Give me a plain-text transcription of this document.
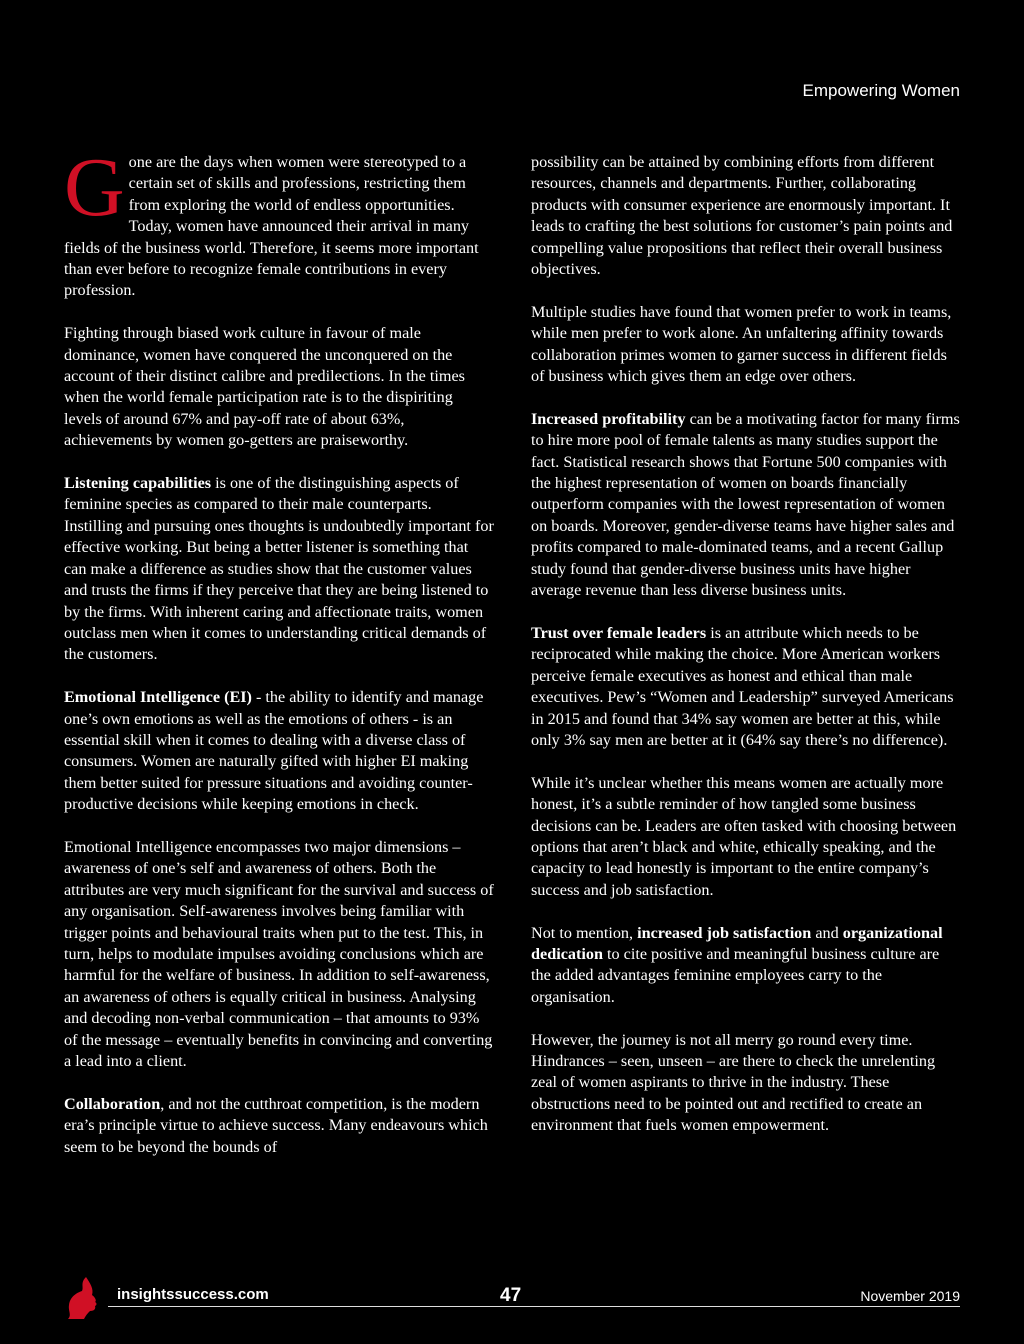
Empowering Women

Gone are the days when women were stereotyped to a certain set of skills and professions, restricting them from exploring the world of endless opportunities. Today, women have announced their arrival in many fields of the business world. Therefore, it seems more important than ever before to recognize female contributions in every profession.

Fighting through biased work culture in favour of male dominance, women have conquered the unconquered on the account of their distinct calibre and predilections. In the times when the world female participation rate is to the dispiriting levels of around 67% and pay-off rate of about 63%, achievements by women go-getters are praiseworthy.

Listening capabilities is one of the distinguishing aspects of feminine species as compared to their male counterparts. Instilling and pursuing ones thoughts is undoubtedly important for effective working. But being a better listener is something that can make a difference as studies show that the customer values and trusts the firms if they perceive that they are being listened to by the firms. With inherent caring and affectionate traits, women outclass men when it comes to understanding critical demands of the customers.

Emotional Intelligence (EI) - the ability to identify and manage one’s own emotions as well as the emotions of others - is an essential skill when it comes to dealing with a diverse class of consumers. Women are naturally gifted with higher EI making them better suited for pressure situations and avoiding counter-productive decisions while keeping emotions in check.

Emotional Intelligence encompasses two major dimensions – awareness of one’s self and awareness of others. Both the attributes are very much significant for the survival and success of any organisation. Self-awareness involves being familiar with trigger points and behavioural traits when put to the test. This, in turn, helps to modulate impulses avoiding conclusions which are harmful for the welfare of business. In addition to self-awareness, an awareness of others is equally critical in business. Analysing and decoding non-verbal communication – that amounts to 93% of the message – eventually benefits in convincing and converting a lead into a client.

Collaboration, and not the cutthroat competition, is the modern era’s principle virtue to achieve success. Many endeavours which seem to be beyond the bounds of

possibility can be attained by combining efforts from different resources, channels and departments. Further, collaborating products with consumer experience are enormously important. It leads to crafting the best solutions for customer’s pain points and compelling value propositions that reflect their overall business objectives.

Multiple studies have found that women prefer to work in teams, while men prefer to work alone. An unfaltering affinity towards collaboration primes women to garner success in different fields of business which gives them an edge over others.

Increased profitability can be a motivating factor for many firms to hire more pool of female talents as many studies support the fact. Statistical research shows that Fortune 500 companies with the highest representation of women on boards financially outperform companies with the lowest representation of women on boards. Moreover, gender-diverse teams have higher sales and profits compared to male-dominated teams, and a recent Gallup study found that gender-diverse business units have higher average revenue than less diverse business units.

Trust over female leaders is an attribute which needs to be reciprocated while making the choice. More American workers perceive female executives as honest and ethical than male executives. Pew’s “Women and Leadership” surveyed Americans in 2015 and found that 34% say women are better at this, while only 3% say men are better at it (64% say there’s no difference).

While it’s unclear whether this means women are actually more honest, it’s a subtle reminder of how tangled some business decisions can be. Leaders are often tasked with choosing between options that aren’t black and white, ethically speaking, and the capacity to lead honestly is important to the entire company’s success and job satisfaction.

Not to mention, increased job satisfaction and organizational dedication to cite positive and meaningful business culture are the added advantages feminine employees carry to the organisation.

However, the journey is not all merry go round every time. Hindrances – seen, unseen – are there to check the unrelenting zeal of women aspirants to thrive in the industry. These obstructions need to be pointed out and rectified to create an environment that fuels women empowerment.

insightssuccess.com	47	November 2019
